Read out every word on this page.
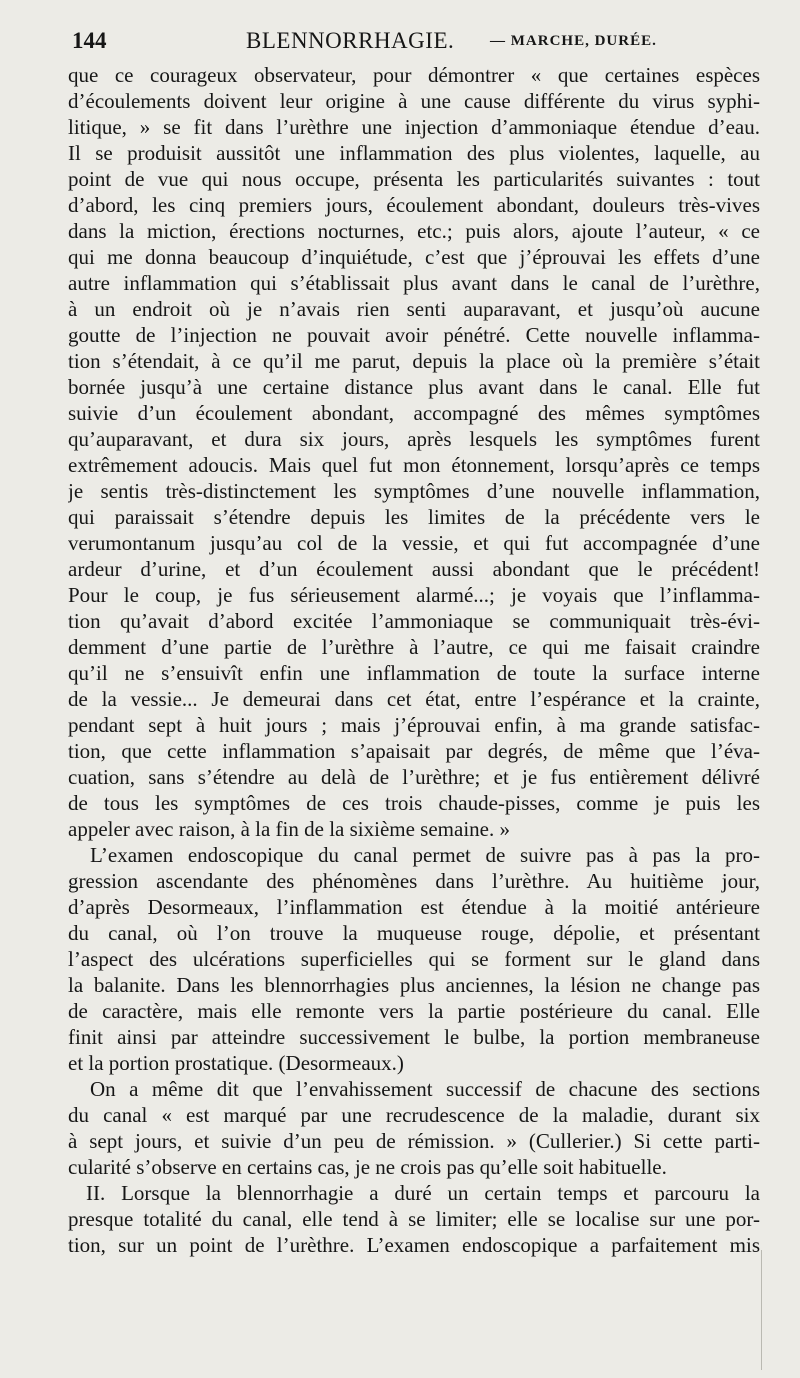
144	BLENNORRHAGIE. — MARCHE, DURÉE.
que ce courageux observateur, pour démontrer « que certaines espèces
d’écoulements doivent leur origine à une cause différente du virus syphi-
litique, » se fit dans l’urèthre une injection d’ammoniaque étendue d’eau.
Il se produisit aussitôt une inflammation des plus violentes, laquelle, au
point de vue qui nous occupe, présenta les particularités suivantes : tout
d’abord, les cinq premiers jours, écoulement abondant, douleurs très-vives
dans la miction, érections nocturnes, etc.; puis alors, ajoute l’auteur, « ce
qui me donna beaucoup d’inquiétude, c’est que j’éprouvai les effets d’une
autre inflammation qui s’établissait plus avant dans le canal de l’urèthre,
à un endroit où je n’avais rien senti auparavant, et jusqu’où aucune
goutte de l’injection ne pouvait avoir pénétré. Cette nouvelle inflamma-
tion s’étendait, à ce qu’il me parut, depuis la place où la première s’était
bornée jusqu’à une certaine distance plus avant dans le canal. Elle fut
suivie d’un écoulement abondant, accompagné des mêmes symptômes
qu’auparavant, et dura six jours, après lesquels les symptômes furent
extrêmement adoucis. Mais quel fut mon étonnement, lorsqu’après ce temps
je sentis très-distinctement les symptômes d’une nouvelle inflammation,
qui paraissait s’étendre depuis les limites de la précédente vers le
verumontanum jusqu’au col de la vessie, et qui fut accompagnée d’une
ardeur d’urine, et d’un écoulement aussi abondant que le précédent!
Pour le coup, je fus sérieusement alarmé...; je voyais que l’inflamma-
tion qu’avait d’abord excitée l’ammoniaque se communiquait très-évi-
demment d’une partie de l’urèthre à l’autre, ce qui me faisait craindre
qu’il ne s’ensuivît enfin une inflammation de toute la surface interne
de la vessie... Je demeurai dans cet état, entre l’espérance et la crainte,
pendant sept à huit jours ; mais j’éprouvai enfin, à ma grande satisfac-
tion, que cette inflammation s’apaisait par degrés, de même que l’éva-
cuation, sans s’étendre au delà de l’urèthre; et je fus entièrement délivré
de tous les symptômes de ces trois chaude-pisses, comme je puis les
appeler avec raison, à la fin de la sixième semaine. »
L’examen endoscopique du canal permet de suivre pas à pas la pro-
gression ascendante des phénomènes dans l’urèthre. Au huitième jour,
d’après Desormeaux, l’inflammation est étendue à la moitié antérieure
du canal, où l’on trouve la muqueuse rouge, dépolie, et présentant
l’aspect des ulcérations superficielles qui se forment sur le gland dans
la balanite. Dans les blennorrhagies plus anciennes, la lésion ne change pas
de caractère, mais elle remonte vers la partie postérieure du canal. Elle
finit ainsi par atteindre successivement le bulbe, la portion membraneuse
et la portion prostatique. (Desormeaux.)
On a même dit que l’envahissement successif de chacune des sections
du canal « est marqué par une recrudescence de la maladie, durant six
à sept jours, et suivie d’un peu de rémission. » (Cullerier.) Si cette parti-
cularité s’observe en certains cas, je ne crois pas qu’elle soit habituelle.
II. Lorsque la blennorrhagie a duré un certain temps et parcouru la
presque totalité du canal, elle tend à se limiter; elle se localise sur une por-
tion, sur un point de l’urèthre. L’examen endoscopique a parfaitement mis
